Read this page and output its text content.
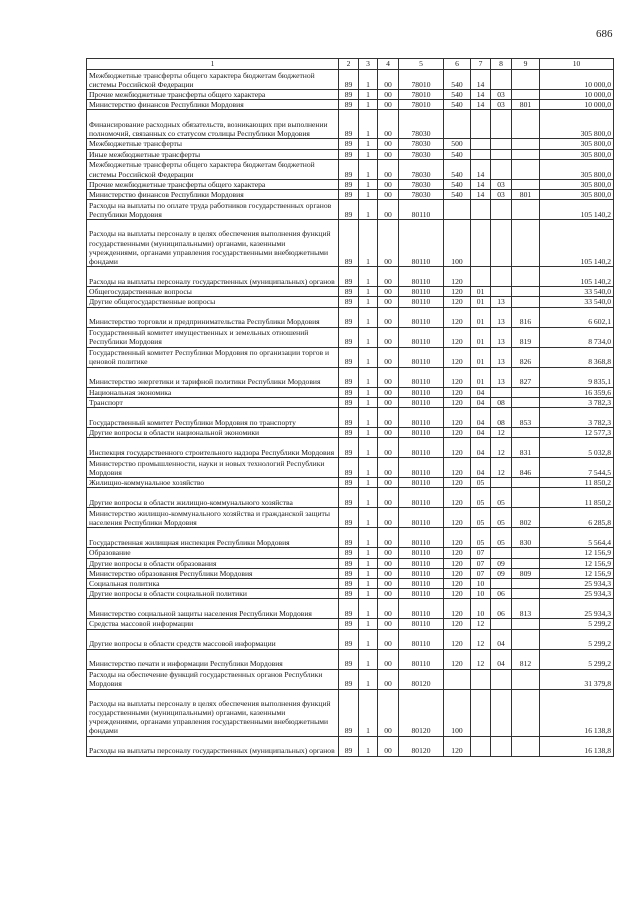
686
1	2	3	4	5	6	7	8	9	10
Межбюджетные трансферты общего характера бюджетам бюджетной системы Российской Федерации	89	1	00	78010	540	14			10 000,0
Прочие межбюджетные трансферты общего характера	89	1	00	78010	540	14	03		10 000,0
Министерство финансов Республики Мордовия	89	1	00	78010	540	14	03	801	10 000,0
Финансирование расходных обязательств, возникающих при выполнении полномочий, связанных со статусом столицы Республики Мордовия	89	1	00	78030					305 800,0
Межбюджетные трансферты	89	1	00	78030	500				305 800,0
Иные межбюджетные трансферты	89	1	00	78030	540				305 800,0
Межбюджетные трансферты общего характера бюджетам бюджетной системы Российской Федерации	89	1	00	78030	540	14			305 800,0
Прочие межбюджетные трансферты общего характера	89	1	00	78030	540	14	03		305 800,0
Министерство финансов Республики Мордовия	89	1	00	78030	540	14	03	801	305 800,0
Расходы на выплаты по оплате труда работников государственных органов Республики Мордовия	89	1	00	80110					105 140,2
Расходы на выплаты персоналу в целях обеспечения выполнения функций государственными (муниципальными) органами, казенными учреждениями, органами управления государственными внебюджетными фондами	89	1	00	80110	100				105 140,2
Расходы на выплаты персоналу государственных (муниципальных) органов	89	1	00	80110	120				105 140,2
Общегосударственные вопросы	89	1	00	80110	120	01			33 540,0
Другие общегосударственные вопросы	89	1	00	80110	120	01	13		33 540,0
Министерство торговли и предпринимательства Республики Мордовия	89	1	00	80110	120	01	13	816	6 602,1
Государственный комитет имущественных и земельных отношений Республики Мордовия	89	1	00	80110	120	01	13	819	8 734,0
Государственный комитет Республики Мордовия по организации торгов и ценовой политике	89	1	00	80110	120	01	13	826	8 368,8
Министерство энергетики и тарифной политики Республики Мордовия	89	1	00	80110	120	01	13	827	9 835,1
Национальная экономика	89	1	00	80110	120	04			16 359,6
Транспорт	89	1	00	80110	120	04	08		3 782,3
Государственный комитет Республики Мордовия по транспорту	89	1	00	80110	120	04	08	853	3 782,3
Другие вопросы в области национальной экономики	89	1	00	80110	120	04	12		12 577,3
Инспекция государственного строительного надзора Республики Мордовия	89	1	00	80110	120	04	12	831	5 032,8
Министерство промышленности, науки и новых технологий Республики Мордовия	89	1	00	80110	120	04	12	846	7 544,5
Жилищно-коммунальное хозяйство	89	1	00	80110	120	05			11 850,2
Другие вопросы в области жилищно-коммунального хозяйства	89	1	00	80110	120	05	05		11 850,2
Министерство жилищно-коммунального хозяйства и гражданской защиты населения Республики Мордовия	89	1	00	80110	120	05	05	802	6 285,8
Государственная жилищная инспекция Республики Мордовия	89	1	00	80110	120	05	05	830	5 564,4
Образование	89	1	00	80110	120	07			12 156,9
Другие вопросы в области образования	89	1	00	80110	120	07	09		12 156,9
Министерство образования Республики Мордовия	89	1	00	80110	120	07	09	809	12 156,9
Социальная политика	89	1	00	80110	120	10			25 934,3
Другие вопросы в области социальной политики	89	1	00	80110	120	10	06		25 934,3
Министерство социальной защиты населения Республики Мордовия	89	1	00	80110	120	10	06	813	25 934,3
Средства массовой информации	89	1	00	80110	120	12			5 299,2
Другие вопросы в области средств массовой информации	89	1	00	80110	120	12	04		5 299,2
Министерство печати и информации Республики Мордовия	89	1	00	80110	120	12	04	812	5 299,2
Расходы на обеспечение функций государственных органов Республики Мордовия	89	1	00	80120					31 379,8
Расходы на выплаты персоналу в целях обеспечения выполнения функций государственными (муниципальными) органами, казенными учреждениями, органами управления государственными внебюджетными фондами	89	1	00	80120	100				16 138,8
Расходы на выплаты персоналу государственных (муниципальных) органов	89	1	00	80120	120				16 138,8
